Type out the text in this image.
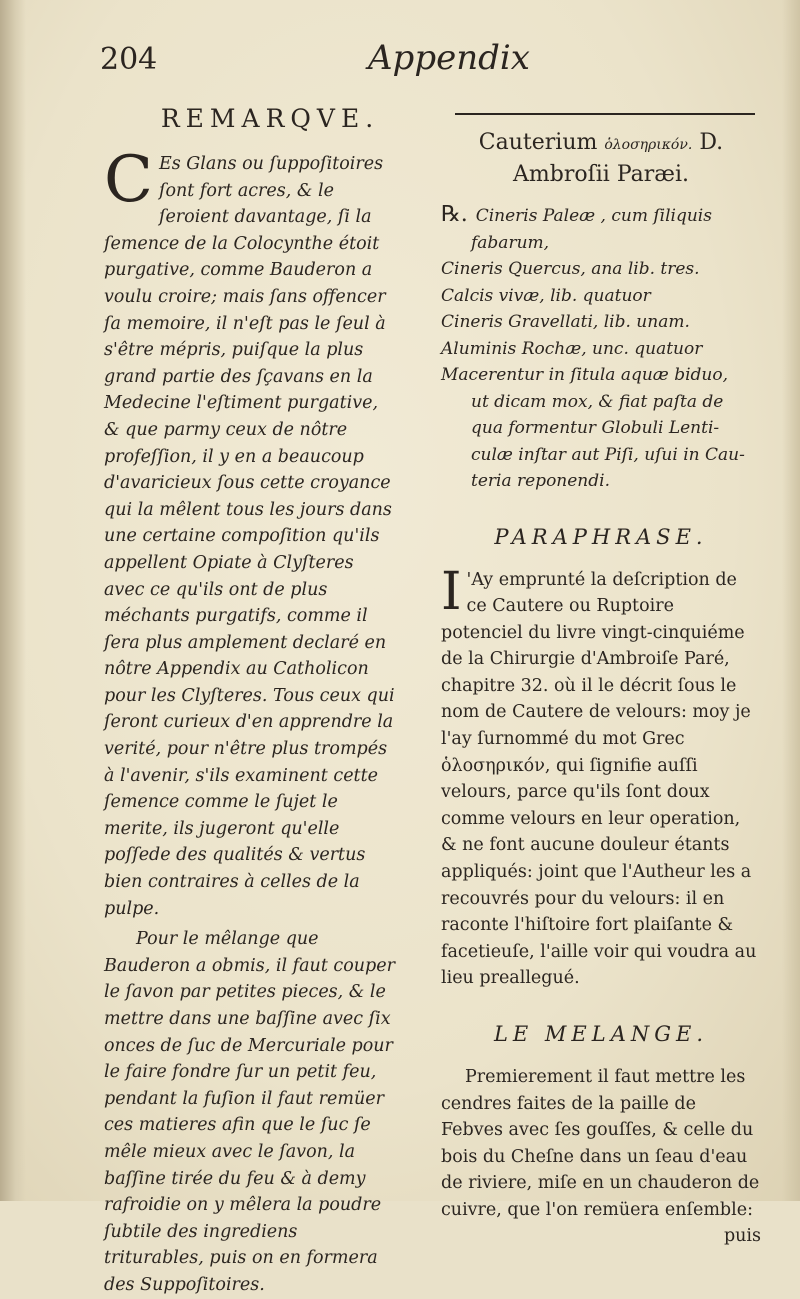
204	Appendix
REMARQVE.

C Es Glans ou ſuppoſitoires ſont fort acres, & le ſeroient davantage, ſi la ſemence de la Colocynthe étoit purgative, comme Bauderon a voulu croire; mais ſans offencer ſa memoire, il n'eſt pas le ſeul à s'être mépris, puiſque la plus grand partie des ſçavans en la Medecine l'eſtiment purgative, & que parmy ceux de nôtre profeſſion, il y en a beaucoup d'avaricieux ſous cette croyance qui la mêlent tous les jours dans une certaine compoſition qu'ils appellent Opiate à Clyſteres avec ce qu'ils ont de plus méchants purgatifs, comme il ſera plus amplement declaré en nôtre Appendix au Catholicon pour les Clyſteres. Tous ceux qui ſeront curieux d'en apprendre la verité, pour n'être plus trompés à l'avenir, s'ils examinent cette ſemence comme le ſujet le merite, ils jugeront qu'elle poſſede des qualités & vertus bien contraires à celles de la pulpe.

Pour le mêlange que Bauderon a obmis, il faut couper le ſavon par petites pieces, & le mettre dans une baſſine avec ſix onces de ſuc de Mercuriale pour le faire fondre ſur un petit feu, pendant la fuſion il faut remüer ces matieres afin que le ſuc ſe mêle mieux avec le ſavon, la baſſine tirée du feu & à demy rafroidie on y mêlera la poudre ſubtile des ingrediens triturables, puis on en formera des Suppoſitoires.

Cauterium ὁλοσηρικόν. D. Ambroſii Paræi.
℞. Cineris Paleæ , cum ſiliquis
fabarum,
Cineris Quercus, ana lib. tres.
Calcis vivæ, lib. quatuor
Cineris Gravellati, lib. unam.
Aluminis Rochæ, unc. quatuor
Macerentur in ſitula aquæ biduo,
ut dicam mox, & fiat paſta de
qua formentur Globuli Lenti-
culæ inſtar aut Piſi, uſui in Cau-
teria reponendi.
PARAPHRASE.

I 'Ay emprunté la deſcription de ce Cautere ou Ruptoire potenciel du livre vingt-cinquiéme de la Chirurgie d'Ambroiſe Paré, chapitre 32. où il le décrit ſous le nom de Cautere de velours: moy je l'ay ſurnommé du mot Grec ὁλοσηρικόν, qui ſignifie auſſi velours, parce qu'ils ſont doux comme velours en leur operation, & ne font aucune douleur étants appliqués: joint que l'Autheur les a recouvrés pour du velours: il en raconte l'hiſtoire fort plaiſante & facetieuſe, l'aille voir qui voudra au lieu preallegué.

LE MELANGE.

Premierement il faut mettre les cendres faites de la paille de Febves avec ſes gouſſes, & celle du bois du Cheſne dans un ſeau d'eau de riviere, miſe en un chauderon de cuivre, que l'on remüera enſemble:

puis
